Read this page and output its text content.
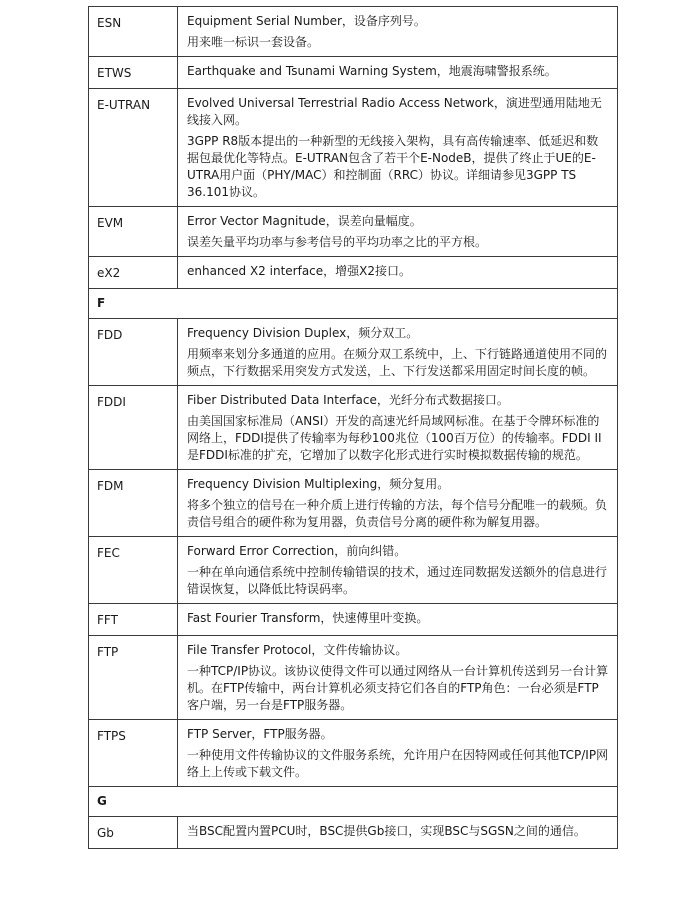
ESN	Equipment Serial Number，设备序列号。

用来唯一标识一套设备。

ETWS	Earthquake and Tsunami Warning System，地震海啸警报系统。

E-UTRAN	Evolved Universal Terrestrial Radio Access Network，演进型通用陆地无线接入网。

3GPP R8版本提出的一种新型的无线接入架构，具有高传输速率、低延迟和数据包最优化等特点。E-UTRAN包含了若干个E-NodeB，提供了终止于UE的E-UTRA用户面（PHY/MAC）和控制面（RRC）协议。详细请参见3GPP TS 36.101协议。

EVM	Error Vector Magnitude，误差向量幅度。

误差矢量平均功率与参考信号的平均功率之比的平方根。

eX2	enhanced X2 interface，增强X2接口。

F	
FDD	Frequency Division Duplex，频分双工。

用频率来划分多通道的应用。在频分双工系统中，上、下行链路通道使用不同的频点，下行数据采用突发方式发送，上、下行发送都采用固定时间长度的帧。

FDDI	Fiber Distributed Data Interface，光纤分布式数据接口。

由美国国家标准局（ANSI）开发的高速光纤局域网标准。在基于令牌环标准的网络上，FDDI提供了传输率为每秒100兆位（100百万位）的传输率。FDDI II是FDDI标准的扩充，它增加了以数字化形式进行实时模拟数据传输的规范。

FDM	Frequency Division Multiplexing，频分复用。

将多个独立的信号在一种介质上进行传输的方法，每个信号分配唯一的载频。负责信号组合的硬件称为复用器，负责信号分离的硬件称为解复用器。

FEC	Forward Error Correction，前向纠错。

一种在单向通信系统中控制传输错误的技术，通过连同数据发送额外的信息进行错误恢复，以降低比特误码率。

FFT	Fast Fourier Transform，快速傅里叶变换。

FTP	File Transfer Protocol，文件传输协议。

一种TCP/IP协议。该协议使得文件可以通过网络从一台计算机传送到另一台计算机。在FTP传输中，两台计算机必须支持它们各自的FTP角色：一台必须是FTP客户端，另一台是FTP服务器。

FTPS	FTP Server，FTP服务器。

一种使用文件传输协议的文件服务系统，允许用户在因特网或任何其他TCP/IP网络上上传或下载文件。

G	
Gb	当BSC配置内置PCU时，BSC提供Gb接口，实现BSC与SGSN之间的通信。
